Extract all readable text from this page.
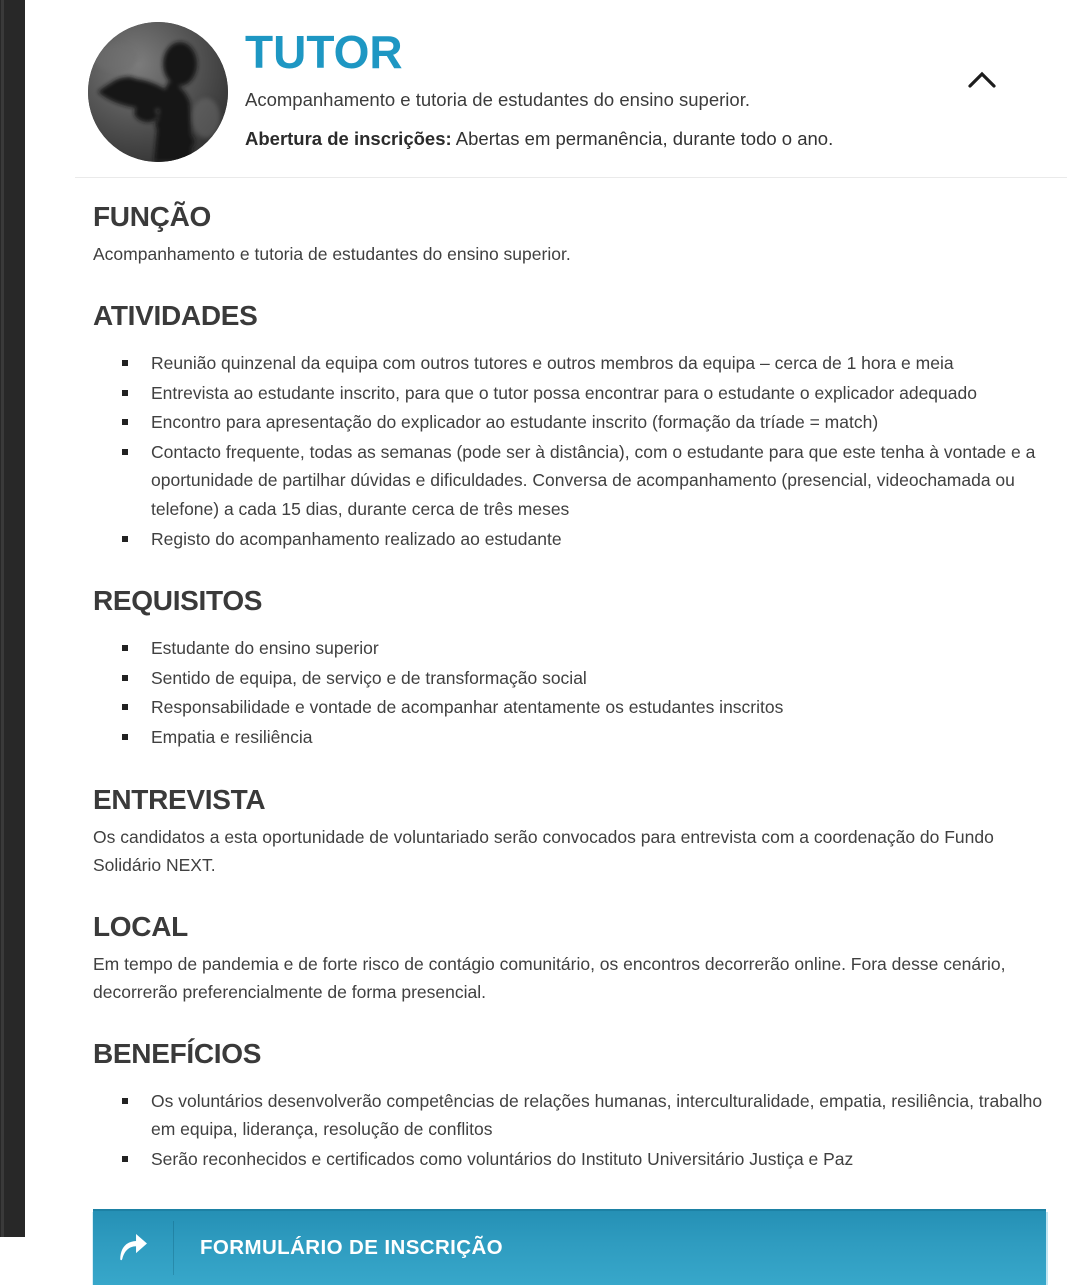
TUTOR
Acompanhamento e tutoria de estudantes do ensino superior.
Abertura de inscrições: Abertas em permanência, durante todo o ano.
FUNÇÃO

Acompanhamento e tutoria de estudantes do ensino superior.

ATIVIDADES
Reunião quinzenal da equipa com outros tutores e outros membros da equipa – cerca de 1 hora e meia
Entrevista ao estudante inscrito, para que o tutor possa encontrar para o estudante o explicador adequado
Encontro para apresentação do explicador ao estudante inscrito (formação da tríade = match)
Contacto frequente, todas as semanas (pode ser à distância), com o estudante para que este tenha à vontade e a oportunidade de partilhar dúvidas e dificuldades. Conversa de acompanhamento (presencial, videochamada ou telefone) a cada 15 dias, durante cerca de três meses
Registo do acompanhamento realizado ao estudante
REQUISITOS
Estudante do ensino superior
Sentido de equipa, de serviço e de transformação social
Responsabilidade e vontade de acompanhar atentamente os estudantes inscritos
Empatia e resiliência
ENTREVISTA

Os candidatos a esta oportunidade de voluntariado serão convocados para entrevista com a coordenação do Fundo Solidário NEXT.

LOCAL

Em tempo de pandemia e de forte risco de contágio comunitário, os encontros decorrerão online. Fora desse cenário, decorrerão preferencialmente de forma presencial.

BENEFÍCIOS
Os voluntários desenvolverão competências de relações humanas, interculturalidade, empatia, resiliência, trabalho em equipa, liderança, resolução de conflitos
Serão reconhecidos e certificados como voluntários do Instituto Universitário Justiça e Paz
FORMULÁRIO DE INSCRIÇÃO
